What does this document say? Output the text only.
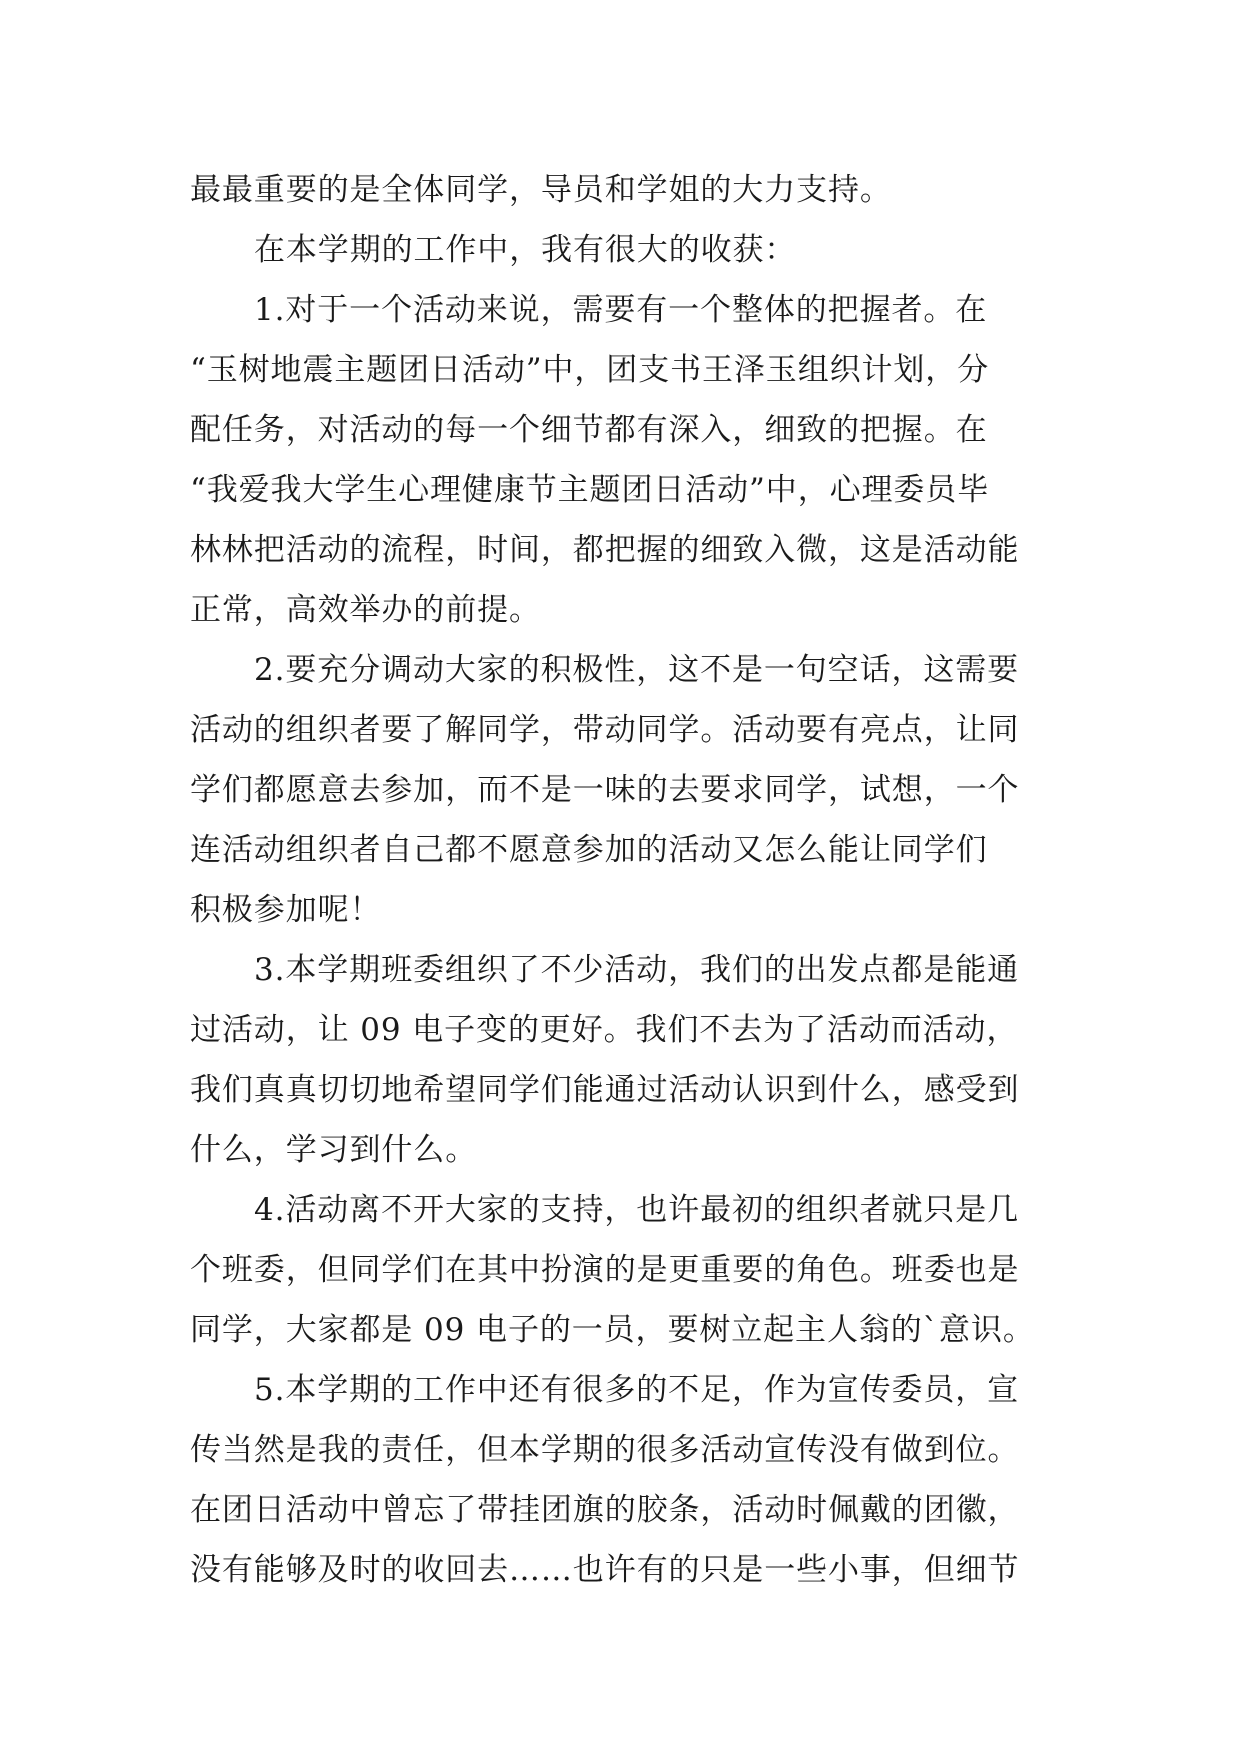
最最重要的是全体同学，导员和学姐的大力支持。
在本学期的工作中，我有很大的收获：
1.对于一个活动来说，需要有一个整体的把握者。在
“玉树地震主题团日活动”中，团支书王泽玉组织计划，分
配任务，对活动的每一个细节都有深入，细致的把握。在
“我爱我大学生心理健康节主题团日活动”中，心理委员毕
林林把活动的流程，时间，都把握的细致入微，这是活动能
正常，高效举办的前提。
2.要充分调动大家的积极性，这不是一句空话，这需要
活动的组织者要了解同学，带动同学。活动要有亮点，让同
学们都愿意去参加，而不是一味的去要求同学，试想，一个
连活动组织者自己都不愿意参加的活动又怎么能让同学们
积极参加呢！
3.本学期班委组织了不少活动，我们的出发点都是能通
过活动，让 09 电子变的更好。我们不去为了活动而活动，
我们真真切切地希望同学们能通过活动认识到什么，感受到
什么，学习到什么。
4.活动离不开大家的支持，也许最初的组织者就只是几
个班委，但同学们在其中扮演的是更重要的角色。班委也是
同学，大家都是 09 电子的一员，要树立起主人翁的`意识。
5.本学期的工作中还有很多的不足，作为宣传委员，宣
传当然是我的责任，但本学期的很多活动宣传没有做到位。
在团日活动中曾忘了带挂团旗的胶条，活动时佩戴的团徽，
没有能够及时的收回去……也许有的只是一些小事，但细节
